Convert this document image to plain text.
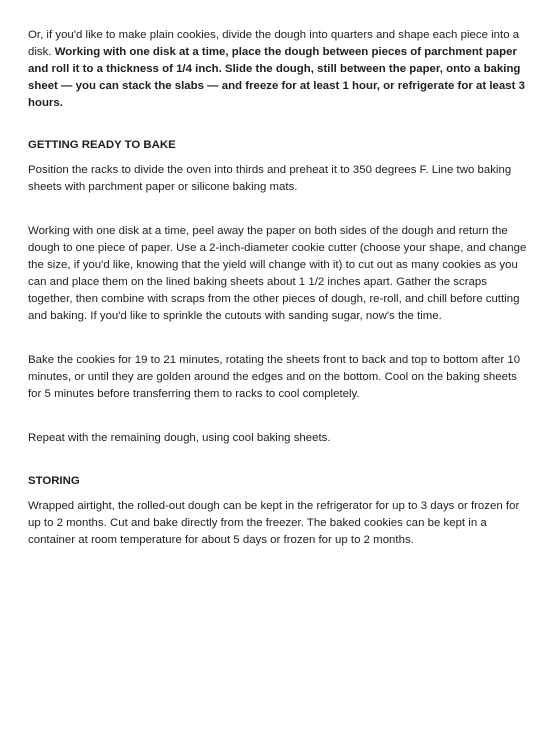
Or, if you'd like to make plain cookies, divide the dough into quarters and shape each piece into a disk. Working with one disk at a time, place the dough between pieces of parchment paper and roll it to a thickness of 1/4 inch. Slide the dough, still between the paper, onto a baking sheet — you can stack the slabs — and freeze for at least 1 hour, or refrigerate for at least 3 hours.

GETTING READY TO BAKE

Position the racks to divide the oven into thirds and preheat it to 350 degrees F. Line two baking sheets with parchment paper or silicone baking mats.

Working with one disk at a time, peel away the paper on both sides of the dough and return the dough to one piece of paper. Use a 2-inch-diameter cookie cutter (choose your shape, and change the size, if you'd like, knowing that the yield will change with it) to cut out as many cookies as you can and place them on the lined baking sheets about 1 1/2 inches apart. Gather the scraps together, then combine with scraps from the other pieces of dough, re-roll, and chill before cutting and baking. If you'd like to sprinkle the cutouts with sanding sugar, now's the time.

Bake the cookies for 19 to 21 minutes, rotating the sheets front to back and top to bottom after 10 minutes, or until they are golden around the edges and on the bottom. Cool on the baking sheets for 5 minutes before transferring them to racks to cool completely.

Repeat with the remaining dough, using cool baking sheets.

STORING

Wrapped airtight, the rolled-out dough can be kept in the refrigerator for up to 3 days or frozen for up to 2 months. Cut and bake directly from the freezer. The baked cookies can be kept in a container at room temperature for about 5 days or frozen for up to 2 months.
